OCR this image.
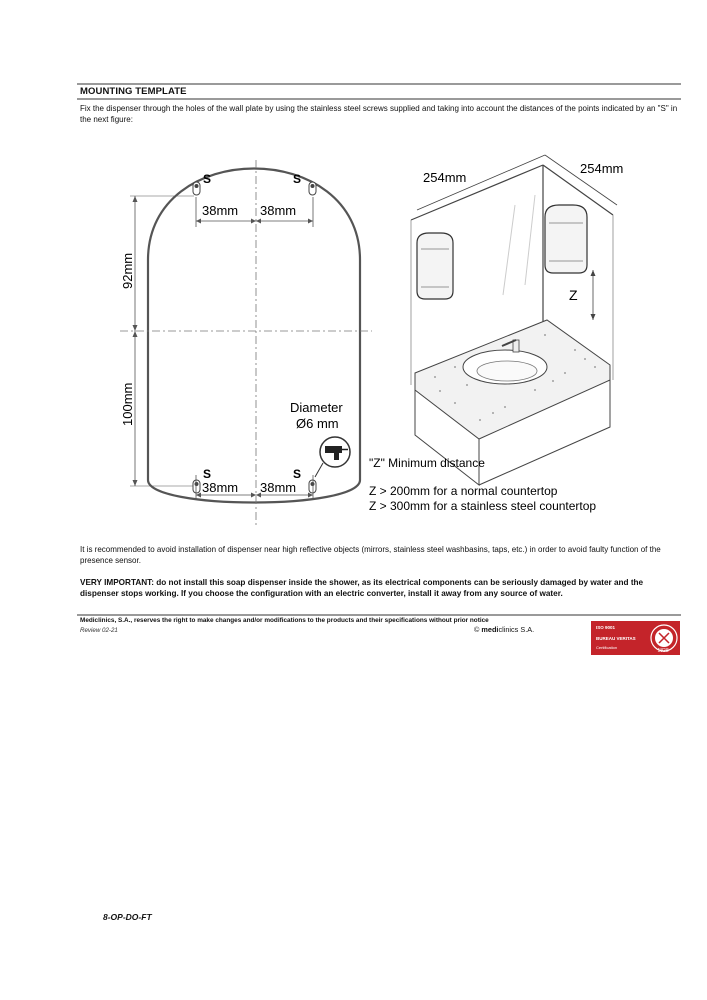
MOUNTING TEMPLATE
Fix the dispenser through the holes of the wall plate by using the stainless steel screws supplied and taking into account the distances of the points indicated by an "S" in the next figure:
S	S
38mm 38mm
92mm
100mm
S	S
38mm 38mm
Diameter
Ø6 mm
254mm
254mm
Z
"Z" Minimum distance
Z > 200mm for a normal countertop
Z > 300mm for a stainless steel countertop
It is recommended to avoid installation of dispenser near high reflective objects (mirrors, stainless steel washbasins, taps, etc.) in order to avoid faulty function of the presence sensor.
VERY IMPORTANT: do not install this soap dispenser inside the shower, as its electrical components can be seriously damaged by water and the dispenser stops working. If you choose the configuration with an electric converter, install it away from any source of water.
Mediclinics, S.A., reserves the right to make changes and/or modifications to the products and their specifications without prior notice
Review 02-21	© mediclinics S.A.	ISO 9001
BUREAU VERITAS
Certification
1828
8-OP-DO-FT
